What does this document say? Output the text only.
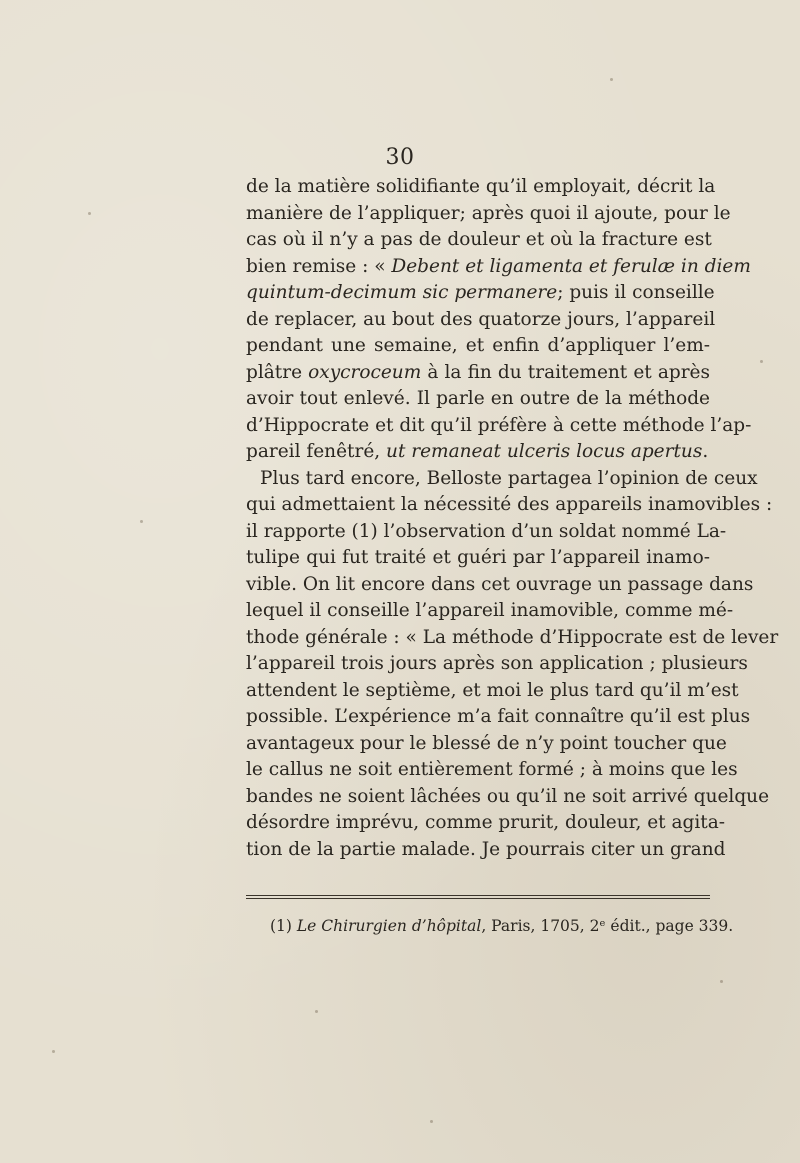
30
de la matière solidifiante qu’il employait, décrit la
manière de l’appliquer; après quoi il ajoute, pour le
cas où il n’y a pas de douleur et où la fracture est
bien remise : « Debent et ligamenta et ferulæ in diem
quintum-decimum sic permanere; puis il conseille
de replacer, au bout des quatorze jours, l’appareil
pendant une semaine, et enfin d’appliquer l’em-
plâtre oxycroceum à la fin du traitement et après
avoir tout enlevé. Il parle en outre de la méthode
d’Hippocrate et dit qu’il préfère à cette méthode l’ap-
pareil fenêtré, ut remaneat ulceris locus apertus.
Plus tard encore, Belloste partagea l’opinion de ceux
qui admettaient la nécessité des appareils inamovibles :
il rapporte (1) l’observation d’un soldat nommé La-
tulipe qui fut traité et guéri par l’appareil inamo-
vible. On lit encore dans cet ouvrage un passage dans
lequel il conseille l’appareil inamovible, comme mé-
thode générale : « La méthode d’Hippocrate est de lever
l’appareil trois jours après son application ; plusieurs
attendent le septième, et moi le plus tard qu’il m’est
possible. L’expérience m’a fait connaître qu’il est plus
avantageux pour le blessé de n’y point toucher que
le callus ne soit entièrement formé ; à moins que les
bandes ne soient lâchées ou qu’il ne soit arrivé quelque
désordre imprévu, comme prurit, douleur, et agita-
tion de la partie malade. Je pourrais citer un grand
(1) Le Chirurgien d’hôpital, Paris, 1705, 2ᵉ édit., page 339.
